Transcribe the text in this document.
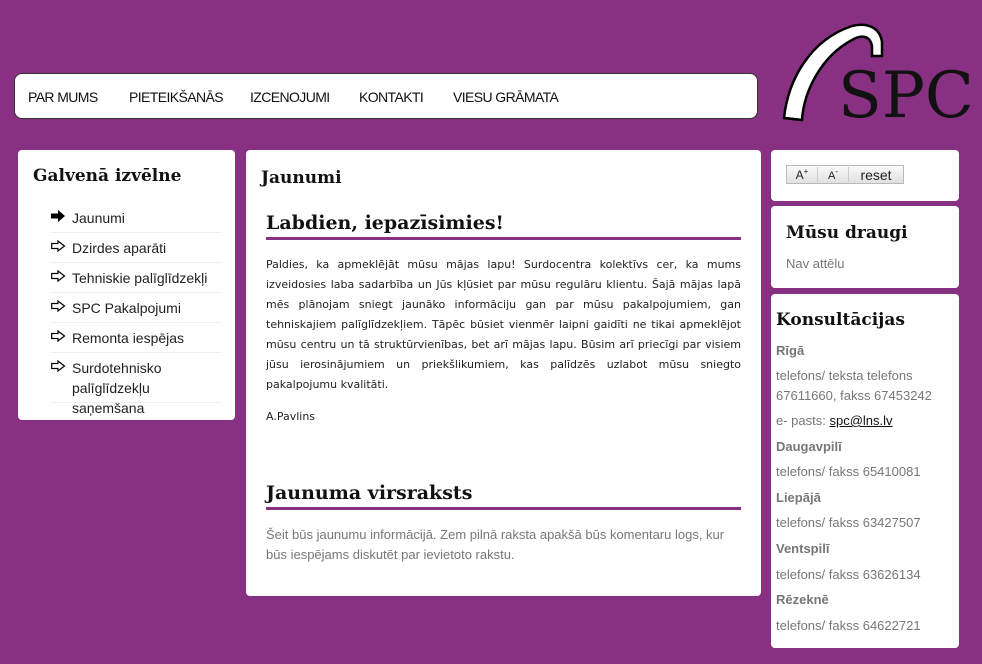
PAR MUMS PIETEIKŠANĀS IZCENOJUMI KONTAKTI VIESU GRĀMATA	SPC
Galvenā izvēlne
Jaunumi
Dzirdes aparāti
Tehniskie palīglīdzekļi
SPC Pakalpojumi
Remonta iespējas
Surdotehnisko palīglīdzekļu saņemšana
Jaunumi
Labdien, iepazīsimies!

Paldies, ka apmeklējāt mūsu mājas lapu! Surdocentra kolektīvs cer, ka mums izveidosies laba sadarbība un Jūs kļūsiet par mūsu regulāru klientu. Šajā mājas lapā mēs plānojam sniegt jaunāko informāciju gan par mūsu pakalpojumiem, gan tehniskajiem palīglīdzekļiem. Tāpēc būsiet vienmēr laipni gaidīti ne tikai apmeklējot mūsu centru un tā struktūrvienības, bet arī mājas lapu. Būsim arī priecīgi par visiem jūsu ierosinājumiem un priekšlikumiem, kas palīdzēs uzlabot mūsu sniegto pakalpojumu kvalitāti.

A.Pavlins
Jaunuma virsraksts

Šeit būs jaunumu informācijā. Zem pilnā raksta apakšā būs komentaru logs, kur būs iespējams diskutēt par ievietoto rakstu.

A+	A-	reset
Mūsu draugi
Nav attēlu
Konsultācijas
Rīgā
telefons/ teksta telefons 67611660, fakss 67453242
e- pasts: spc@lns.lv
Daugavpilī
telefons/ fakss 65410081
Liepājā
telefons/ fakss 63427507
Ventspilī
telefons/ fakss 63626134
Rēzeknē
telefons/ fakss 64622721
